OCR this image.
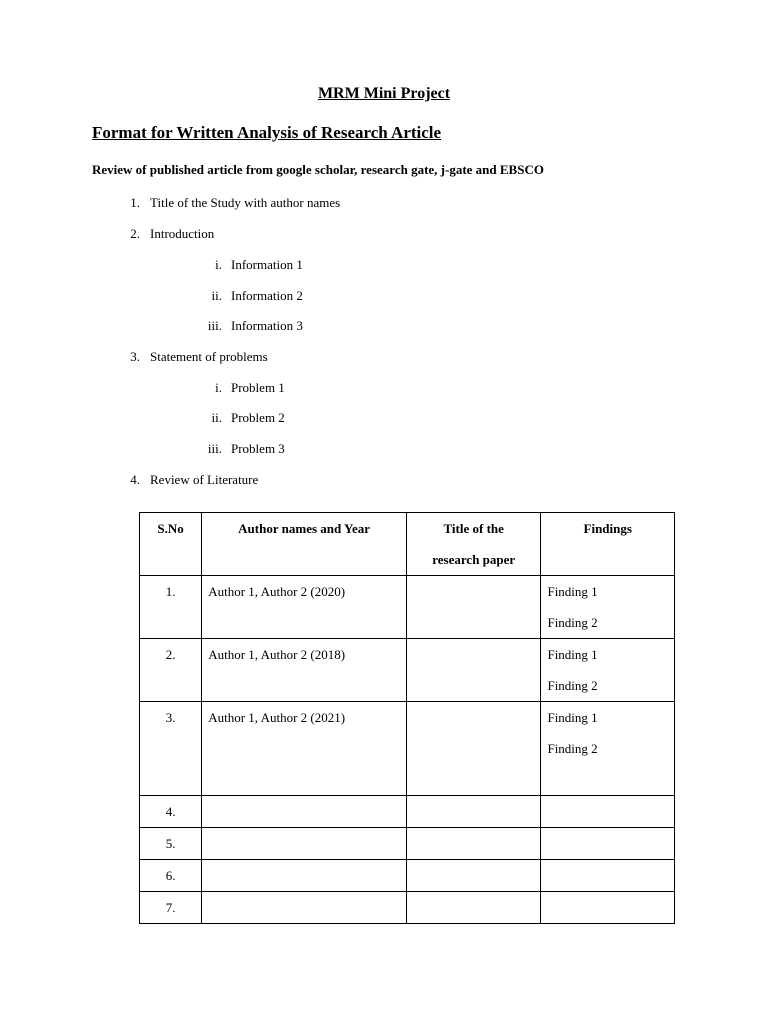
MRM Mini Project
Format for Written Analysis of Research Article
Review of published article from google scholar, research gate, j-gate and EBSCO
1. Title of the Study with author names
2. Introduction
i. Information 1
ii. Information 2
iii. Information 3
3. Statement of problems
i. Problem 1
ii. Problem 2
iii. Problem 3
4. Review of Literature
S.No	Author names and Year	Title of the
research paper	Findings
1.	Author 1, Author 2 (2020)		Finding 1
Finding 2

2.	Author 1, Author 2 (2018)		Finding 1
Finding 2

3.	Author 1, Author 2 (2021)		Finding 1
Finding 2

4.			
5.			
6.			
7.			
